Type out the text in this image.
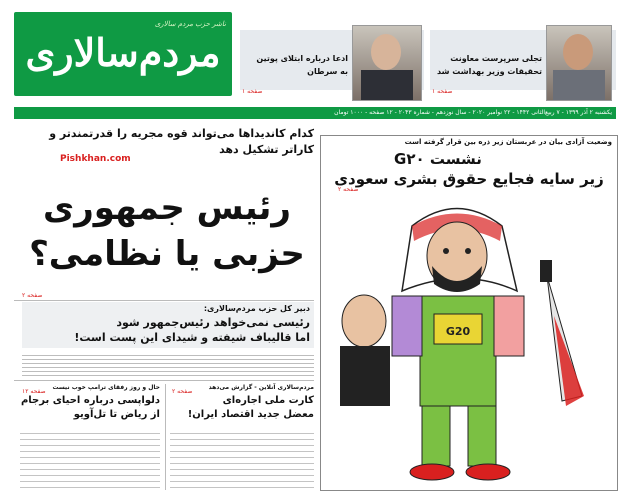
ناشر حزب مردم سالاری
مردم‌سالاری	ادعا درباره ابتلای پوتین به سرطان
صفحه ۱
تجلی سرپرست معاونت تحقیقات وزیر بهداشت شد
صفحه ۱
یکشنبه ۲ آذر ۱۳۹۹ - ۷ ربیع‌الثانی ۱۴۴۲ - ۲۲ نوامبر ۲۰۲۰ - سال نوزدهم - شماره ۲۰۴۳ - ۱۲ صفحه - ۱۰۰۰ تومان
کدام کاندیداها می‌تواند قوه مجریه را قدرتمندتر و کارا‌تر تشکیل دهد
Pishkhan.com
رئیس جمهوری
حزبی یا نظامی؟
صفحه ۲
دبیر کل حزب مردم‌سالاری:
رئیسی نمی‌خواهد رئیس‌جمهور شود
اما قالیباف شیفته و شیدای این پست است!
حال و روز رفقای ترامپ خوب نیست
دلواپسی درباره احیای برجام
از ریاض تا تل‌آویو
صفحه ۱۲
مردم‌سالاری آنلاین - گزارش می‌دهد
کارت ملی اجاره‌ای
معضل جدید اقتصاد ایران!
صفحه ۲
وضعیت آزادی بیان در عربستان زیر ذره بین قرار گرفته است
نشست G۲۰
زیر سایه فجایع حقوق بشری سعودی
صفحه ۲
G20
